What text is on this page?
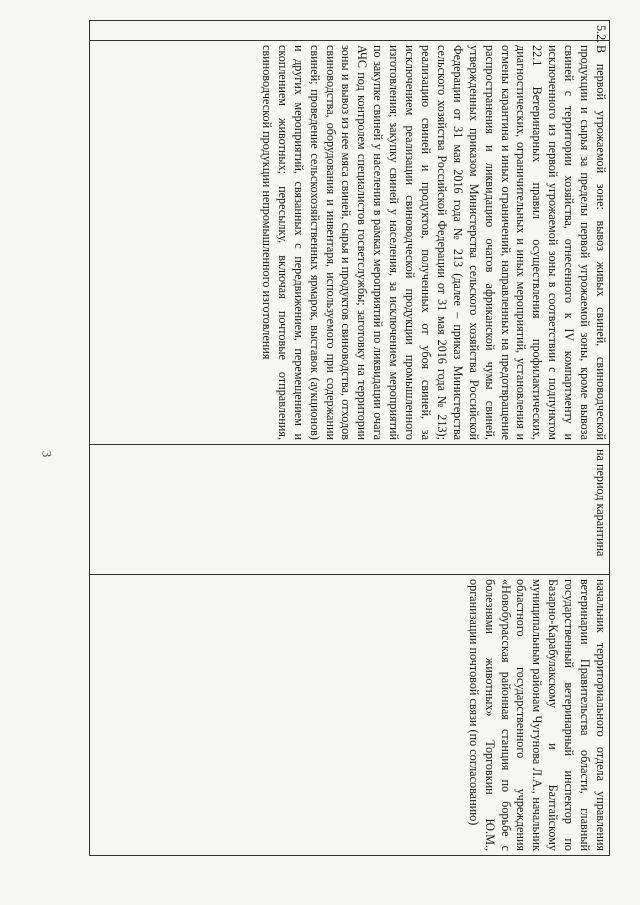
3
5.2.	В первой угрожаемой зоне: вывоз живых свиней, свиноводческой продукции и сырья за пределы первой угрожаемой зоны, кроме вывоза свиней с территории хозяйства, отнесенного к IV компартменту и исключенного из первой угрожаемой зоны в соответствии с подпунктом 22.1 Ветеринарных правил осуществления профилактических, диагностических, ограничительных и иных мероприятий, установления и отмены карантина и иных ограничений, направленных на предотвращение распространения и ликвидацию очагов африканской чумы свиней, утвержденных приказом Министерства сельского хозяйства Российской Федерации от 31 мая 2016 года № 213 (далее – приказ Министерства сельского хозяйства Российской Федерации от 31 мая 2016 года № 213); реализацию свиней и продуктов, полученных от убоя свиней, за исключением реализации свиноводческой продукции промышленного изготовления; закупку свиней у населения, за исключением мероприятий по закупке свиней у населения в рамках мероприятий по ликвидации очага АЧС под контролем специалистов госветслужбы; заготовку на территории зоны и вывоз из нее мяса свиней, сырья и продуктов свиноводства, отходов свиноводства, оборудования и инвентаря, используемого при содержании свиней; проведение сельскохозяйственных ярмарок, выставок (аукционов) и других мероприятий, связанных с передвижением, перемещением и скоплением животных; пересылку, включая почтовые отправления, свиноводческой продукции непромышленного изготовления	на период карантина	начальник территориального отдела управления ветеринарии Правительства области, главный государственный ветеринарный инспектор по Базарно-Карабулакскому и Балтайскому муниципальным районам Чугунова Л.А., начальник областного государственного учреждения «Новобурасская районная станция по борьбе с болезнями животных» Торговкин Ю.М., организации почтовой связи (по согласованию)
